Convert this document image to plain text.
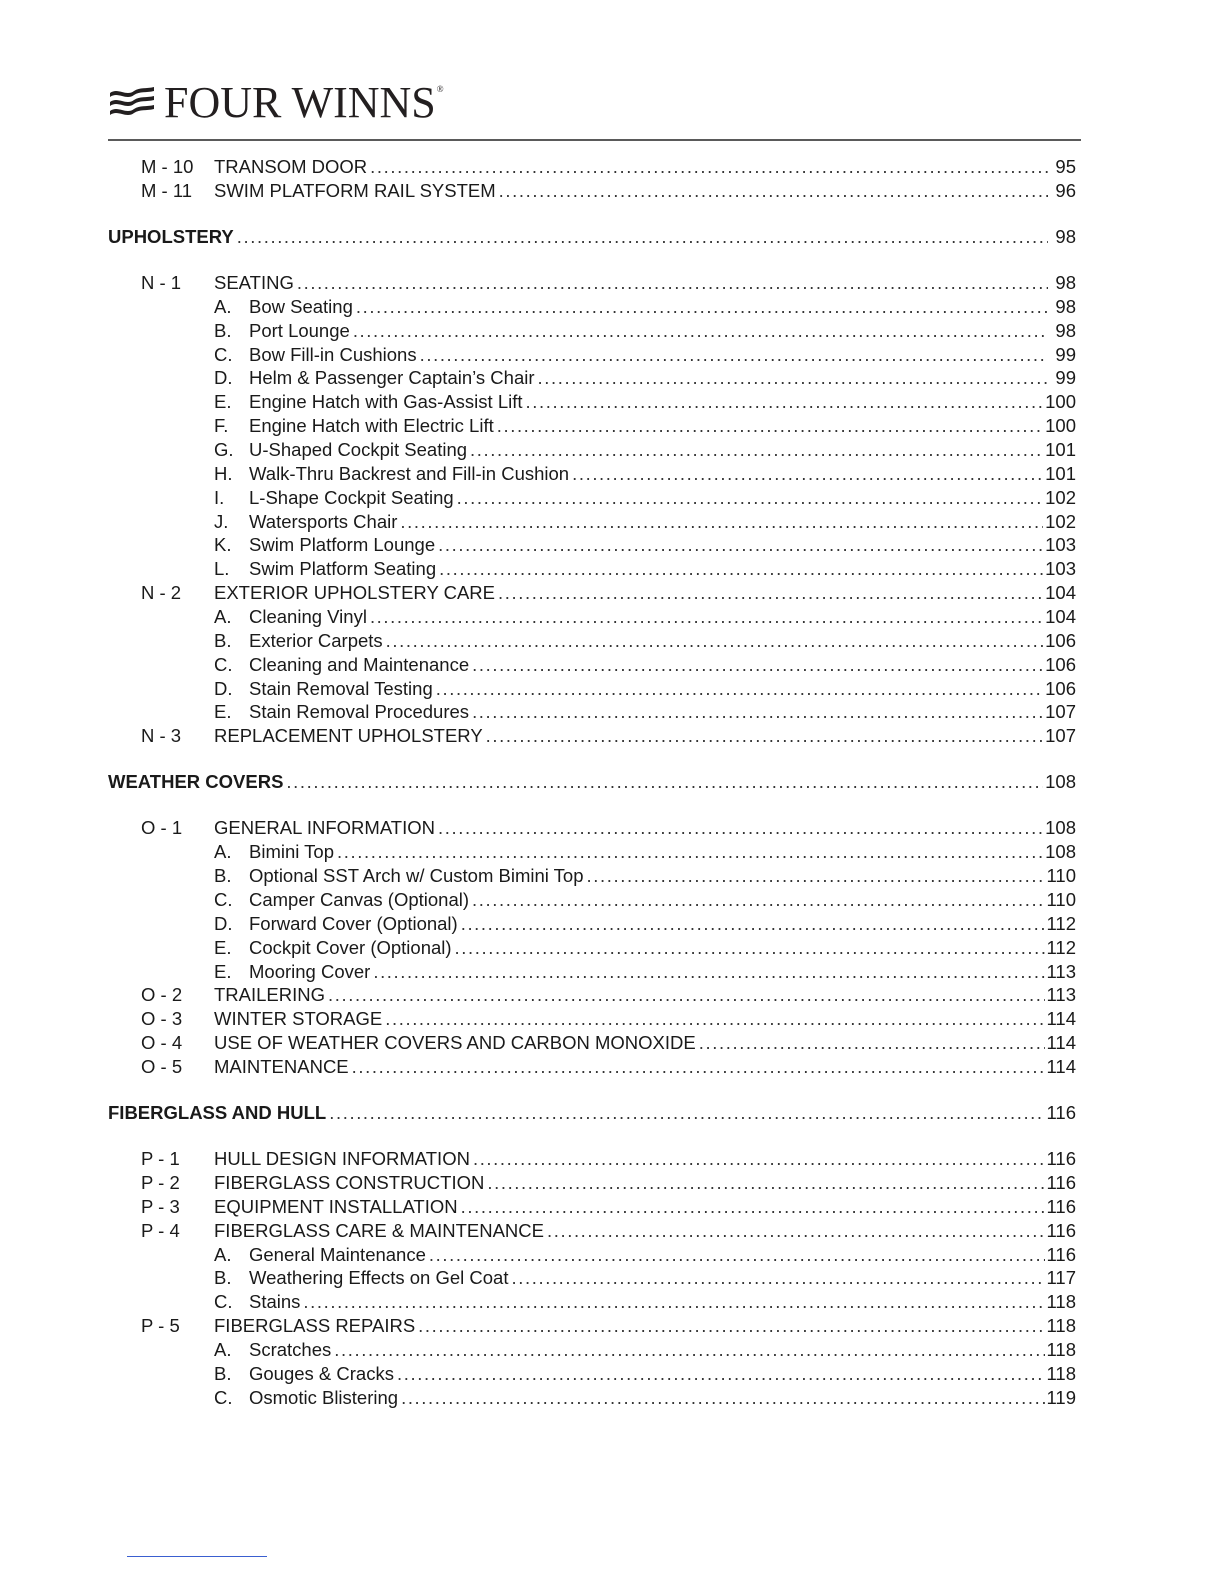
FOUR WINNS®
M - 10	TRANSOM DOOR .....	95
M - 11	SWIM PLATFORM RAIL SYSTEM .....	96
UPHOLSTERY .....	98
N - 1	SEATING .....	98
A. Bow Seating .....	98
B. Port Lounge .....	98
C. Bow Fill-in Cushions .....	99
D. Helm & Passenger Captain’s Chair .....	99
E. Engine Hatch with Gas-Assist Lift .....	100
F.	Engine Hatch with Electric Lift .....	100
G. U-Shaped Cockpit Seating .....	101
H. Walk-Thru Backrest and Fill-in Cushion .....	101
I.	L-Shape Cockpit Seating .....	102
J.	Watersports Chair .....	102
K. Swim Platform Lounge .....	103
L.	Swim Platform Seating .....	103
N - 2	EXTERIOR UPHOLSTERY CARE .....	104
A. Cleaning Vinyl .....	104
B. Exterior Carpets .....	106
C. Cleaning and Maintenance .....	106
D. Stain Removal Testing .....	106
E. Stain Removal Procedures .....	107
N - 3	REPLACEMENT UPHOLSTERY .....	107
WEATHER COVERS .....	108
O - 1	GENERAL INFORMATION .....	108
A. Bimini Top .....	108
B. Optional SST Arch w/ Custom Bimini Top .....	110
C. Camper Canvas (Optional) .....	110
D. Forward Cover (Optional) .....	112
E. Cockpit Cover (Optional) .....	112
E. Mooring Cover .....	113
O - 2	TRAILERING .....	113
O - 3	WINTER STORAGE .....	114
O - 4	USE OF WEATHER COVERS AND CARBON MONOXIDE .....	114
O - 5	MAINTENANCE .....	114
FIBERGLASS AND HULL .....	116
P - 1	HULL DESIGN INFORMATION .....	116
P - 2	FIBERGLASS CONSTRUCTION .....	116
P - 3	EQUIPMENT INSTALLATION .....	116
P - 4	FIBERGLASS CARE & MAINTENANCE .....	116
A. General Maintenance .....	116
B. Weathering Effects on Gel Coat .....	117
C. Stains .....	118
P - 5	FIBERGLASS REPAIRS .....	118
A. Scratches .....	118
B. Gouges & Cracks .....	118
C. Osmotic Blistering .....	119
